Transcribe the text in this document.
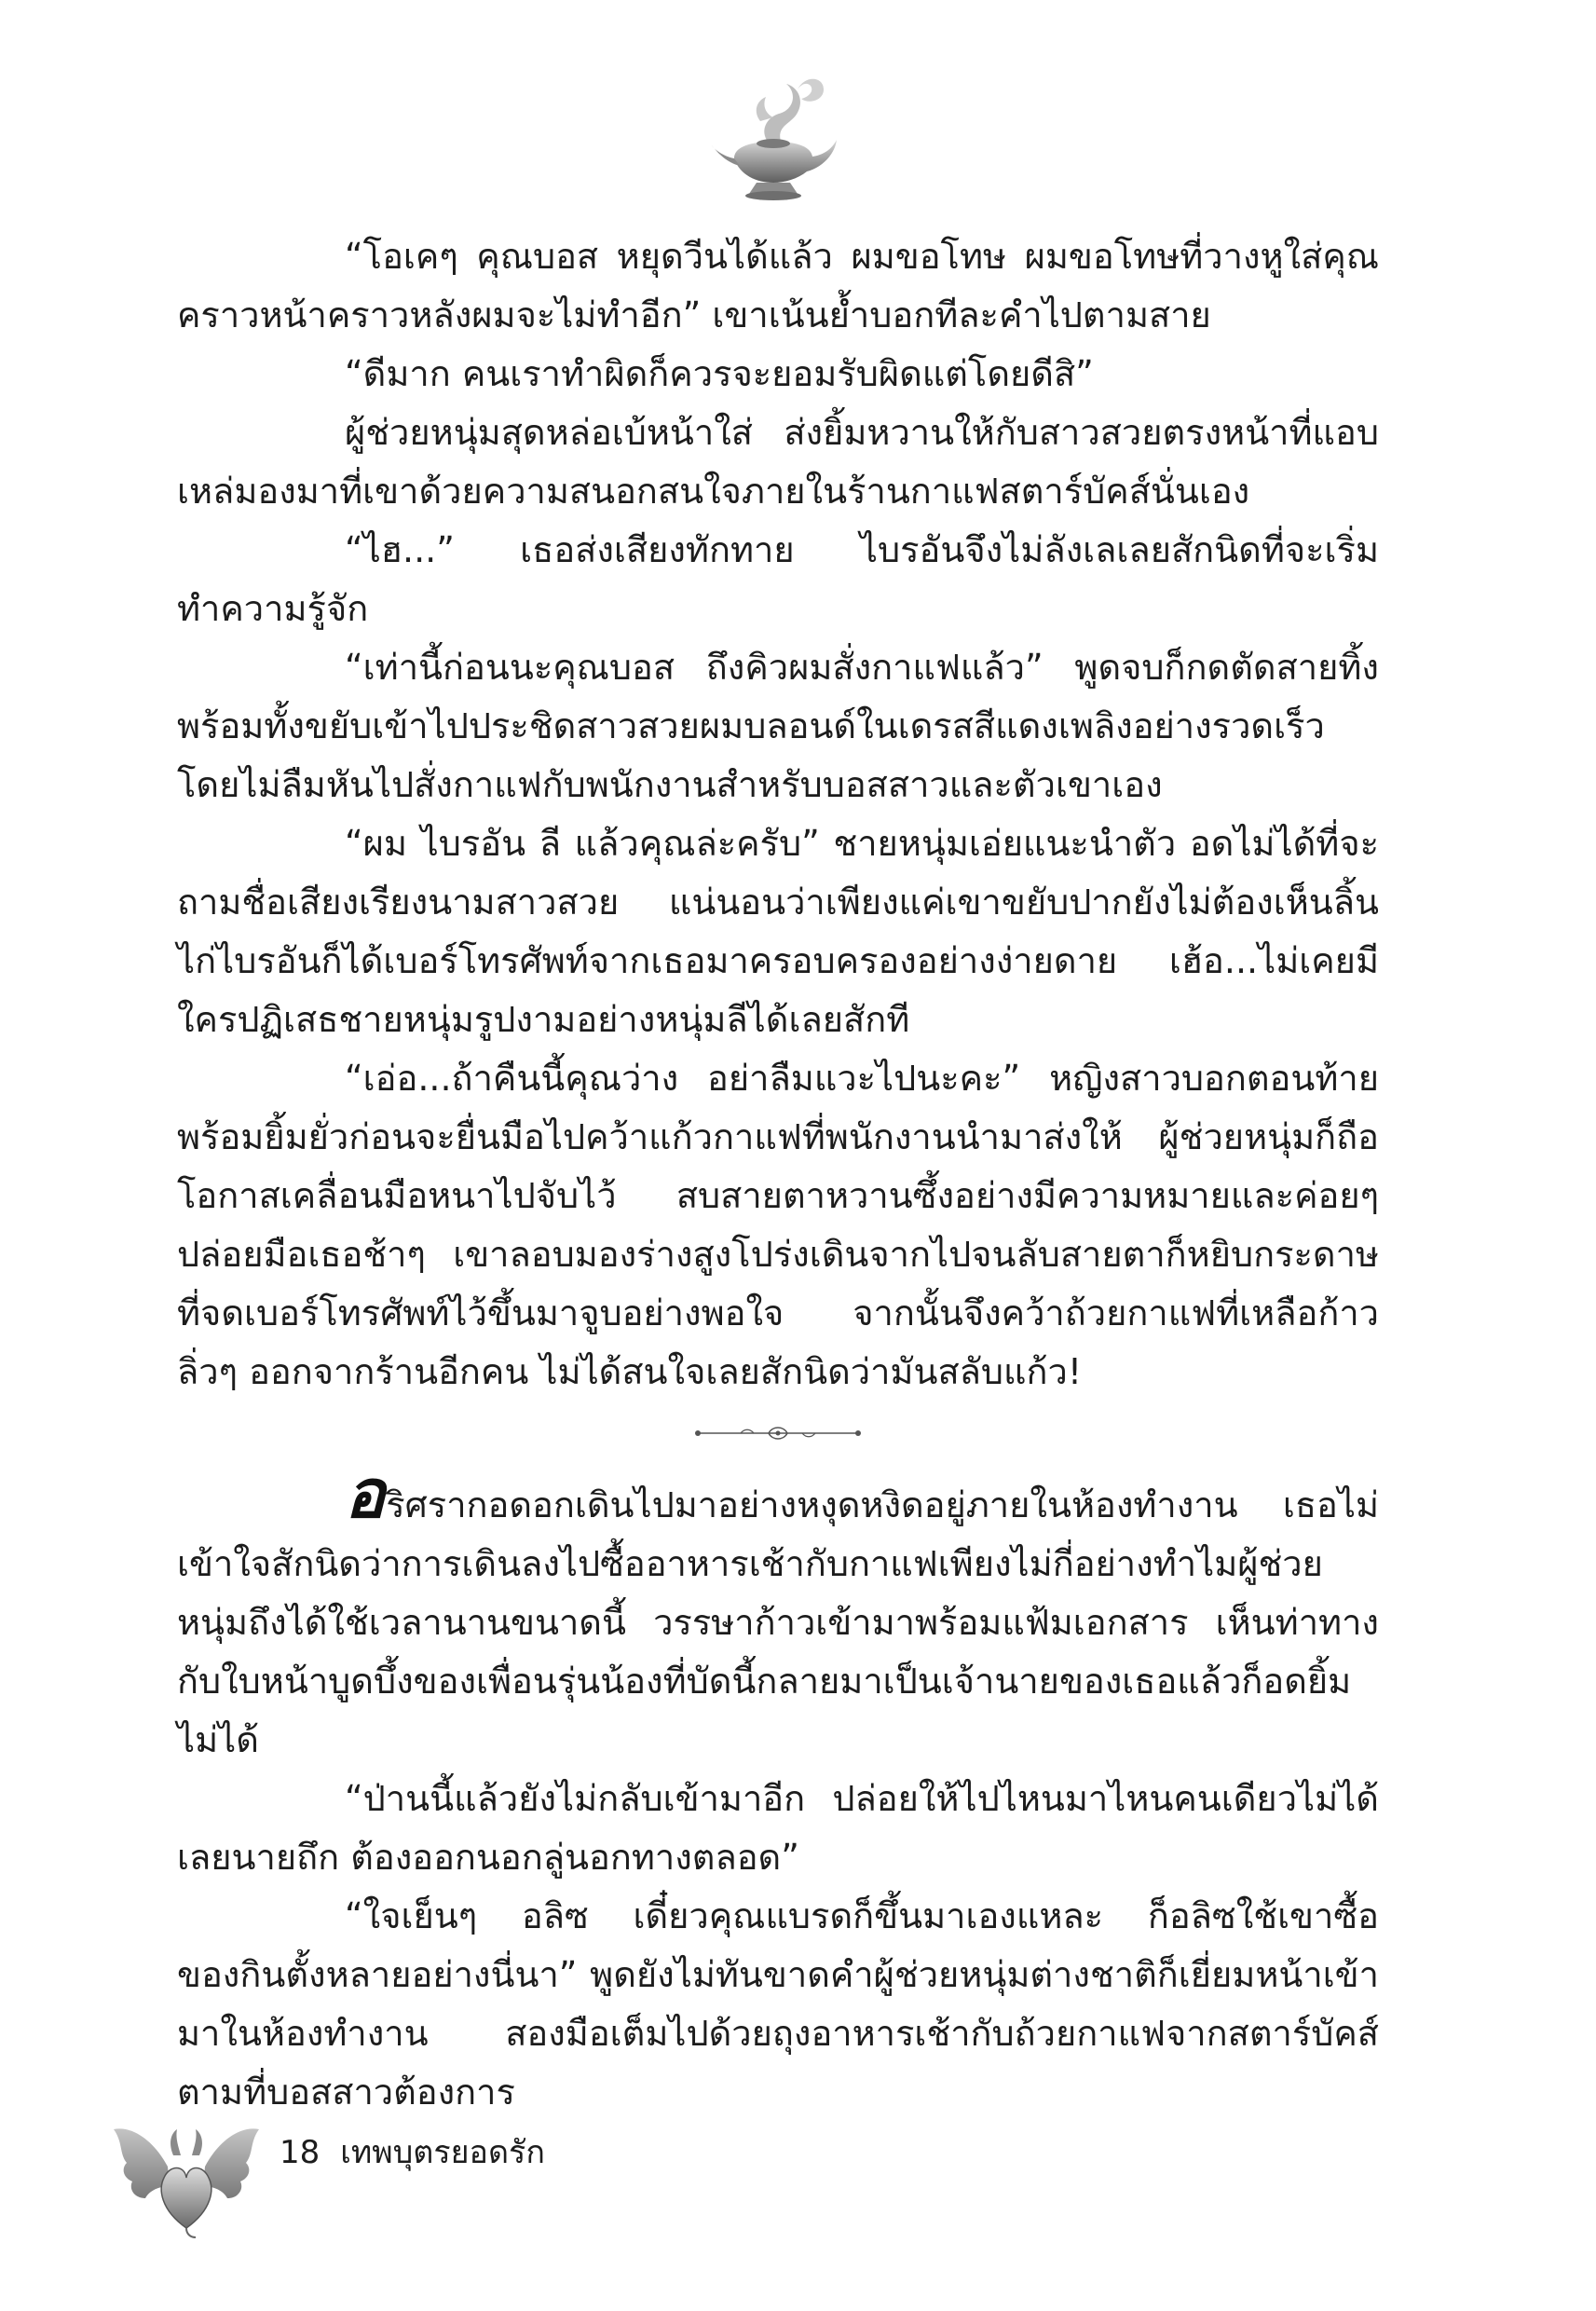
“โอเคๆ คุณบอส หยุดวีนได้แล้ว ผมขอโทษ ผมขอโทษที่วางหูใส่คุณคราวหน้าคราวหลังผมจะไม่ทำอีก” เขาเน้นย้ำบอกทีละคำไปตามสาย

“ดีมาก คนเราทำผิดก็ควรจะยอมรับผิดแต่โดยดีสิ”

ผู้ช่วยหนุ่มสุดหล่อเบ้หน้าใส่ ส่งยิ้มหวานให้กับสาวสวยตรงหน้าที่แอบเหล่มองมาที่เขาด้วยความสนอกสนใจภายในร้านกาแฟสตาร์บัคส์นั่นเอง

“ไฮ...” เธอส่งเสียงทักทาย ไบรอันจึงไม่ลังเลเลยสักนิดที่จะเริ่มทำความรู้จัก

“เท่านี้ก่อนนะคุณบอส ถึงคิวผมสั่งกาแฟแล้ว” พูดจบก็กดตัดสายทิ้งพร้อมทั้งขยับเข้าไปประชิดสาวสวยผมบลอนด์ในเดรสสีแดงเพลิงอย่างรวดเร็ว โดยไม่ลืมหันไปสั่งกาแฟกับพนักงานสำหรับบอสสาวและตัวเขาเอง

“ผม ไบรอัน ลี แล้วคุณล่ะครับ” ชายหนุ่มเอ่ยแนะนำตัว อดไม่ได้ที่จะถามชื่อเสียงเรียงนามสาวสวย แน่นอนว่าเพียงแค่เขาขยับปากยังไม่ต้องเห็นลิ้นไก่ไบรอันก็ได้เบอร์โทรศัพท์จากเธอมาครอบครองอย่างง่ายดาย เฮ้อ...ไม่เคยมีใครปฏิเสธชายหนุ่มรูปงามอย่างหนุ่มลีได้เลยสักที

“เอ่อ...ถ้าคืนนี้คุณว่าง อย่าลืมแวะไปนะคะ” หญิงสาวบอกตอนท้ายพร้อมยิ้มยั่วก่อนจะยื่นมือไปคว้าแก้วกาแฟที่พนักงานนำมาส่งให้ ผู้ช่วยหนุ่มก็ถือโอกาสเคลื่อนมือหนาไปจับไว้ สบสายตาหวานซึ้งอย่างมีความหมายและค่อยๆ ปล่อยมือเธอช้าๆ เขาลอบมองร่างสูงโปร่งเดินจากไปจนลับสายตาก็หยิบกระดาษที่จดเบอร์โทรศัพท์ไว้ขึ้นมาจูบอย่างพอใจ จากนั้นจึงคว้าถ้วยกาแฟที่เหลือก้าวลิ่วๆ ออกจากร้านอีกคน ไม่ได้สนใจเลยสักนิดว่ามันสลับแก้ว!

อริศรากอดอกเดินไปมาอย่างหงุดหงิดอยู่ภายในห้องทำงาน เธอไม่เข้าใจสักนิดว่าการเดินลงไปซื้ออาหารเช้ากับกาแฟเพียงไม่กี่อย่างทำไมผู้ช่วยหนุ่มถึงได้ใช้เวลานานขนาดนี้ วรรษาก้าวเข้ามาพร้อมแฟ้มเอกสาร เห็นท่าทางกับใบหน้าบูดบึ้งของเพื่อนรุ่นน้องที่บัดนี้กลายมาเป็นเจ้านายของเธอแล้วก็อดยิ้มไม่ได้

“ป่านนี้แล้วยังไม่กลับเข้ามาอีก ปล่อยให้ไปไหนมาไหนคนเดียวไม่ได้เลยนายถึก ต้องออกนอกลู่นอกทางตลอด”

“ใจเย็นๆ อลิซ เดี๋ยวคุณแบรดก็ขึ้นมาเองแหละ ก็อลิซใช้เขาซื้อของกินตั้งหลายอย่างนี่นา” พูดยังไม่ทันขาดคำผู้ช่วยหนุ่มต่างชาติก็เยี่ยมหน้าเข้ามาในห้องทำงาน สองมือเต็มไปด้วยถุงอาหารเช้ากับถ้วยกาแฟจากสตาร์บัคส์ตามที่บอสสาวต้องการ

18 เทพบุตรยอดรัก
